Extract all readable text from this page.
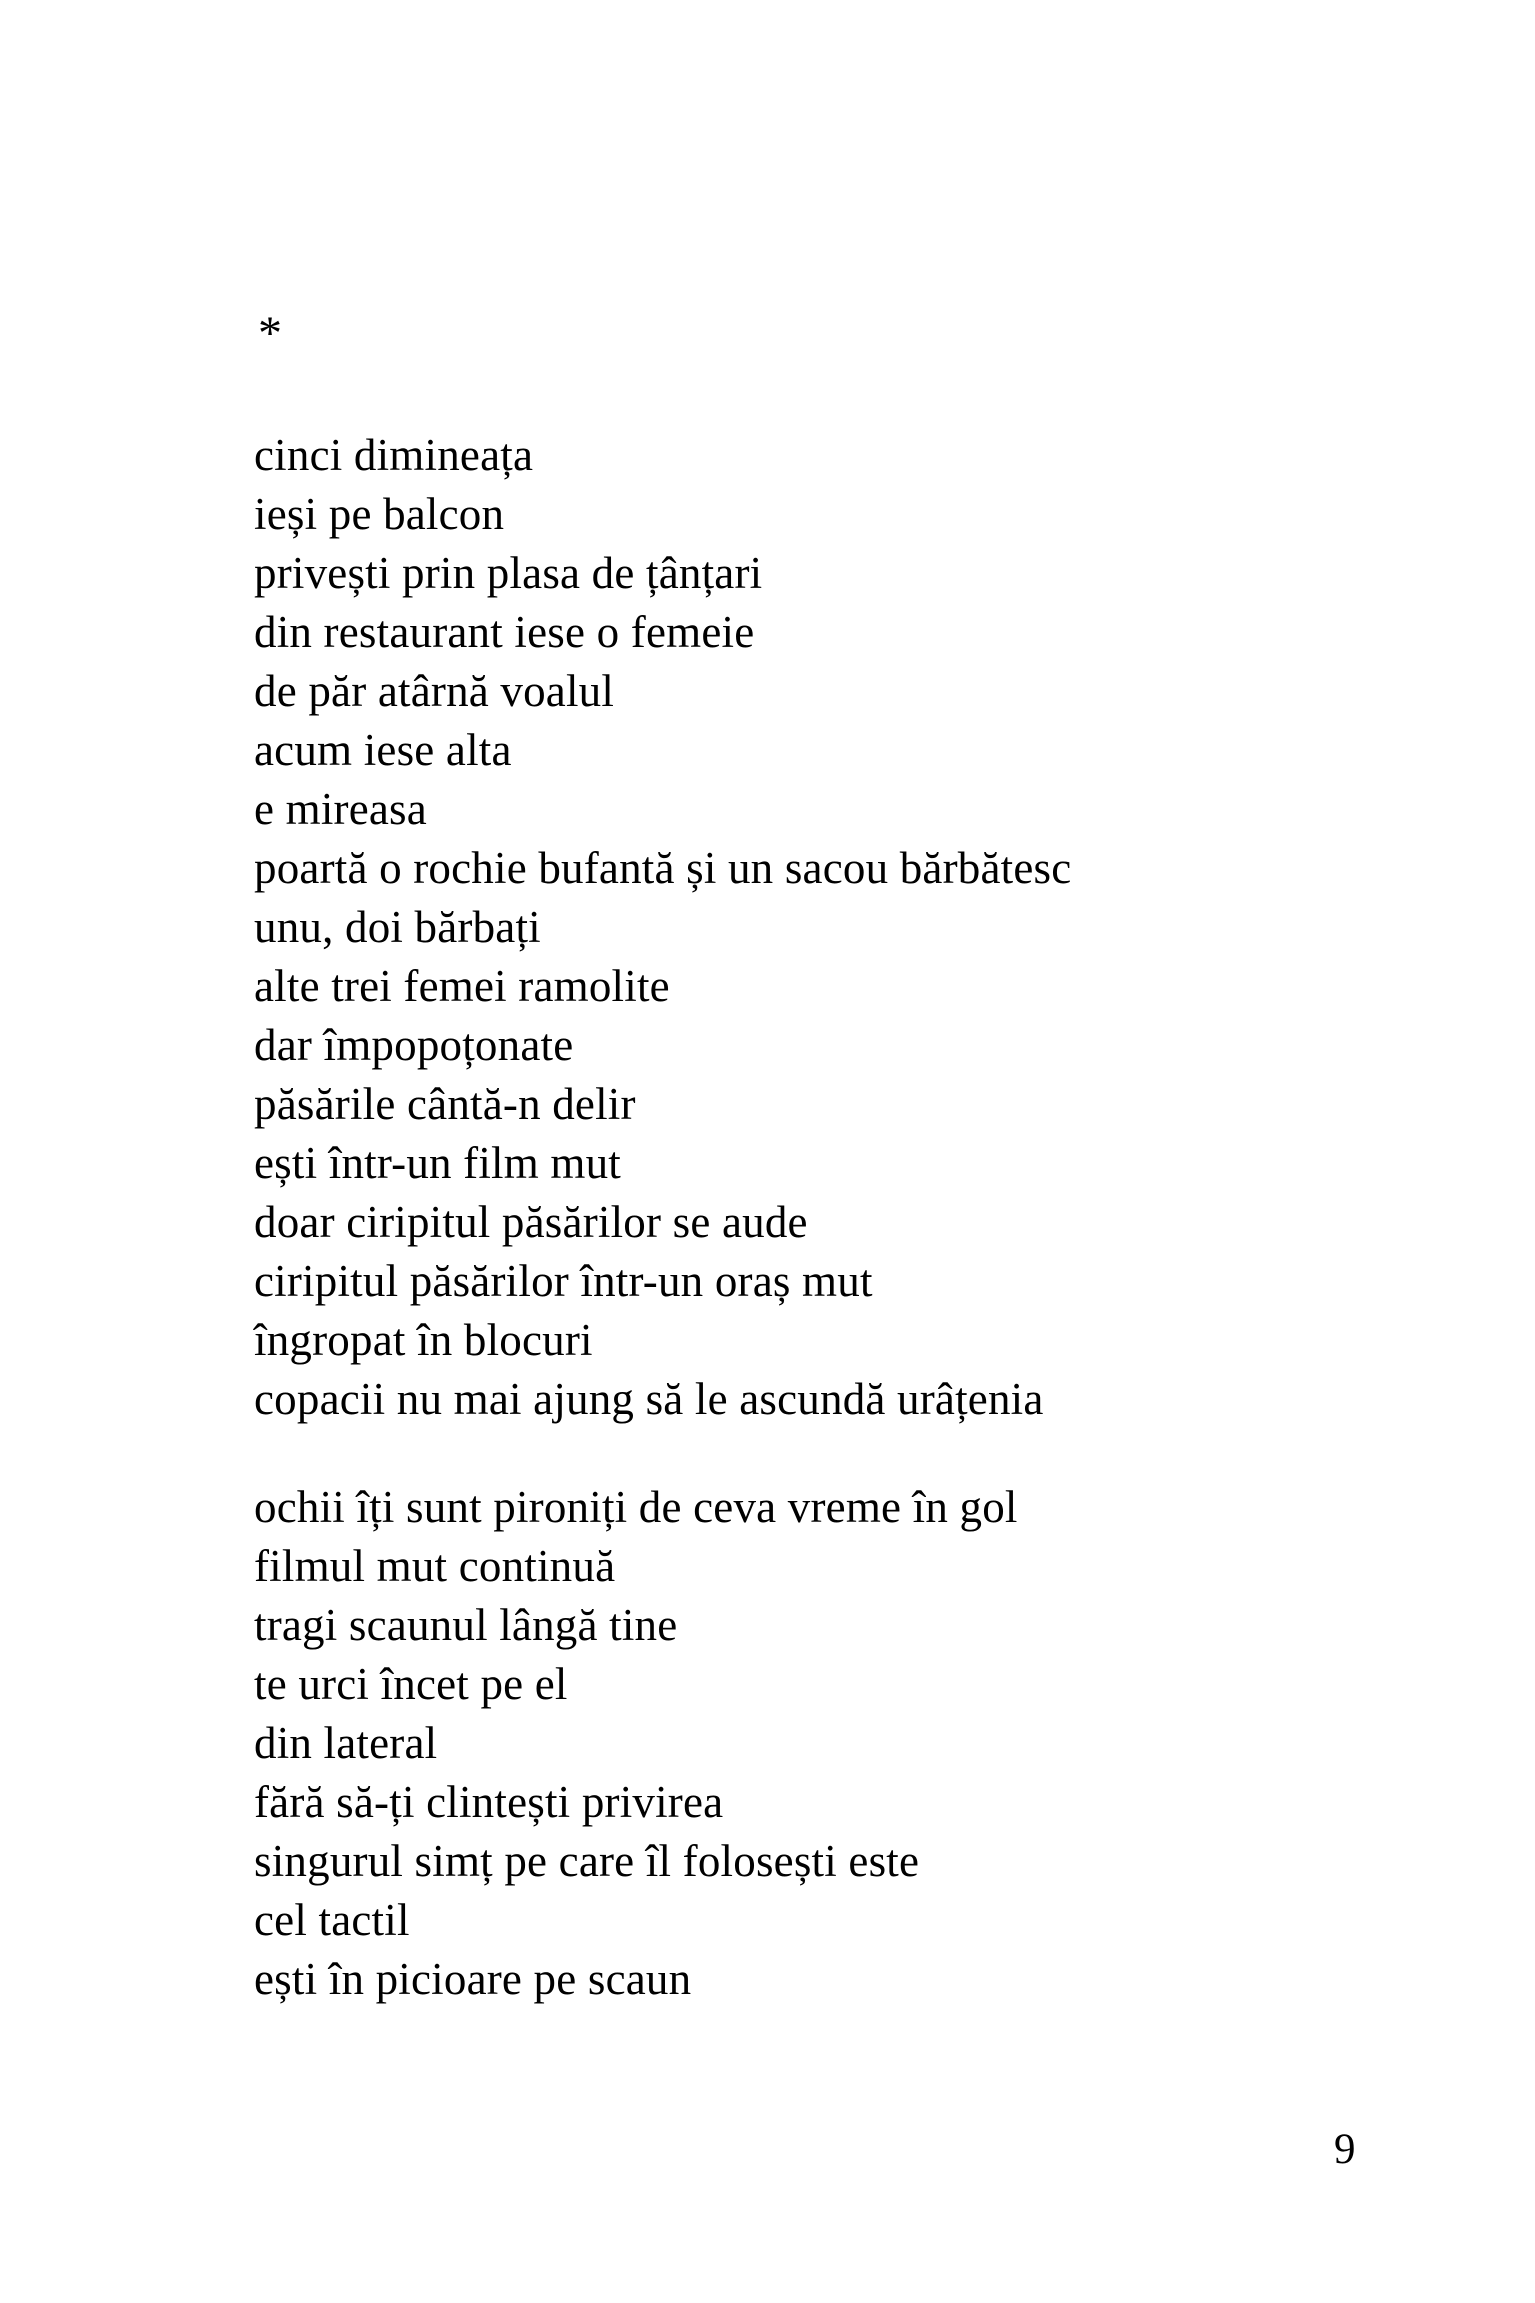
*
cinci dimineața
ieși pe balcon
privești prin plasa de țânțari
din restaurant iese o femeie
de păr atârnă voalul
acum iese alta
e mireasa
poartă o rochie bufantă și un sacou bărbătesc
unu, doi bărbați
alte trei femei ramolite
dar împopoțonate
păsările cântă-n delir
ești într-un film mut
doar ciripitul păsărilor se aude
ciripitul păsărilor într-un oraș mut
îngropat în blocuri
copacii nu mai ajung să le ascundă urâțenia
ochii îți sunt pironiți de ceva vreme în gol
filmul mut continuă
tragi scaunul lângă tine
te urci încet pe el
din lateral
fără să-ți clintești privirea
singurul simț pe care îl folosești este
cel tactil
ești în picioare pe scaun
9
